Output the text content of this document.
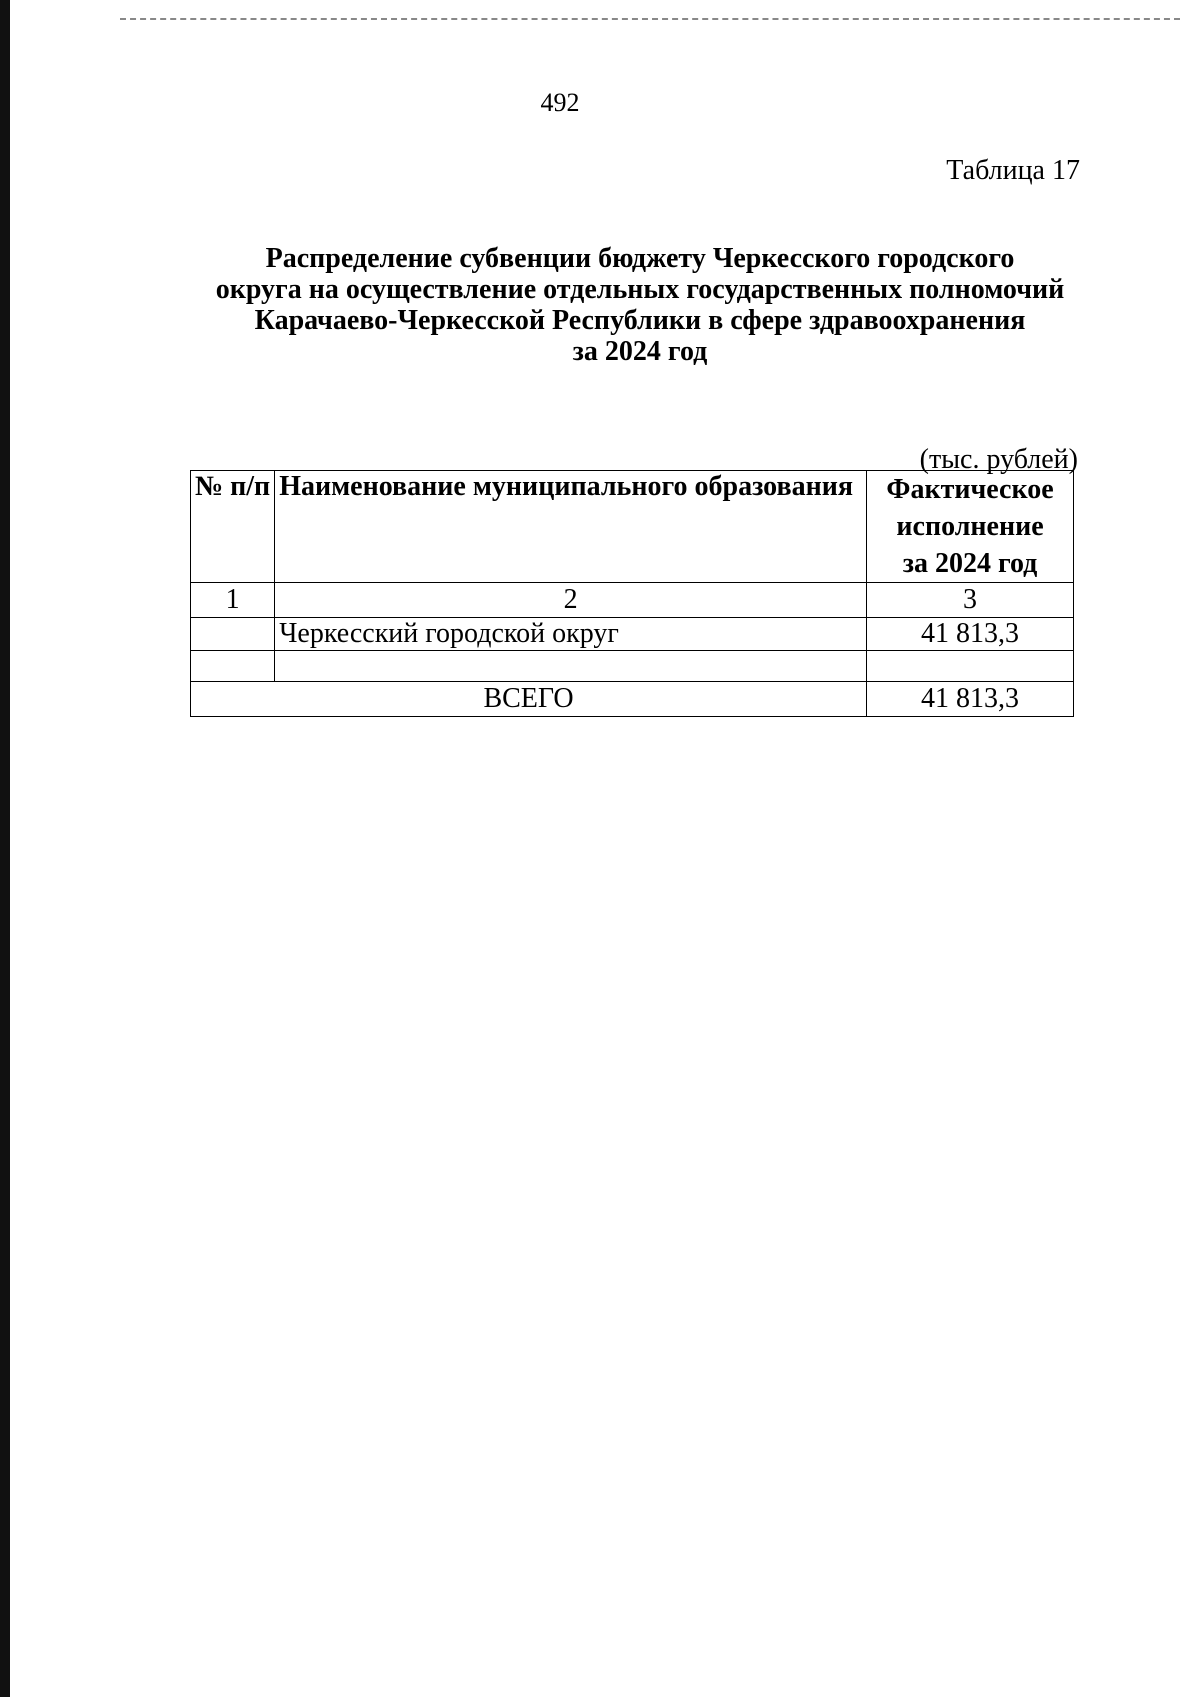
492
Таблица 17
Распределение субвенции бюджету Черкесского городского
округа на осуществление отдельных государственных полномочий
Карачаево-Черкесской Республики в сфере здравоохранения
за 2024 год
(тыс. рублей)
№ п/п	Наименование муниципального образования	Фактическое
исполнение
за 2024 год

1	2	3
	Черкесский городской округ	41 813,3

ВСЕГО		41 813,3
